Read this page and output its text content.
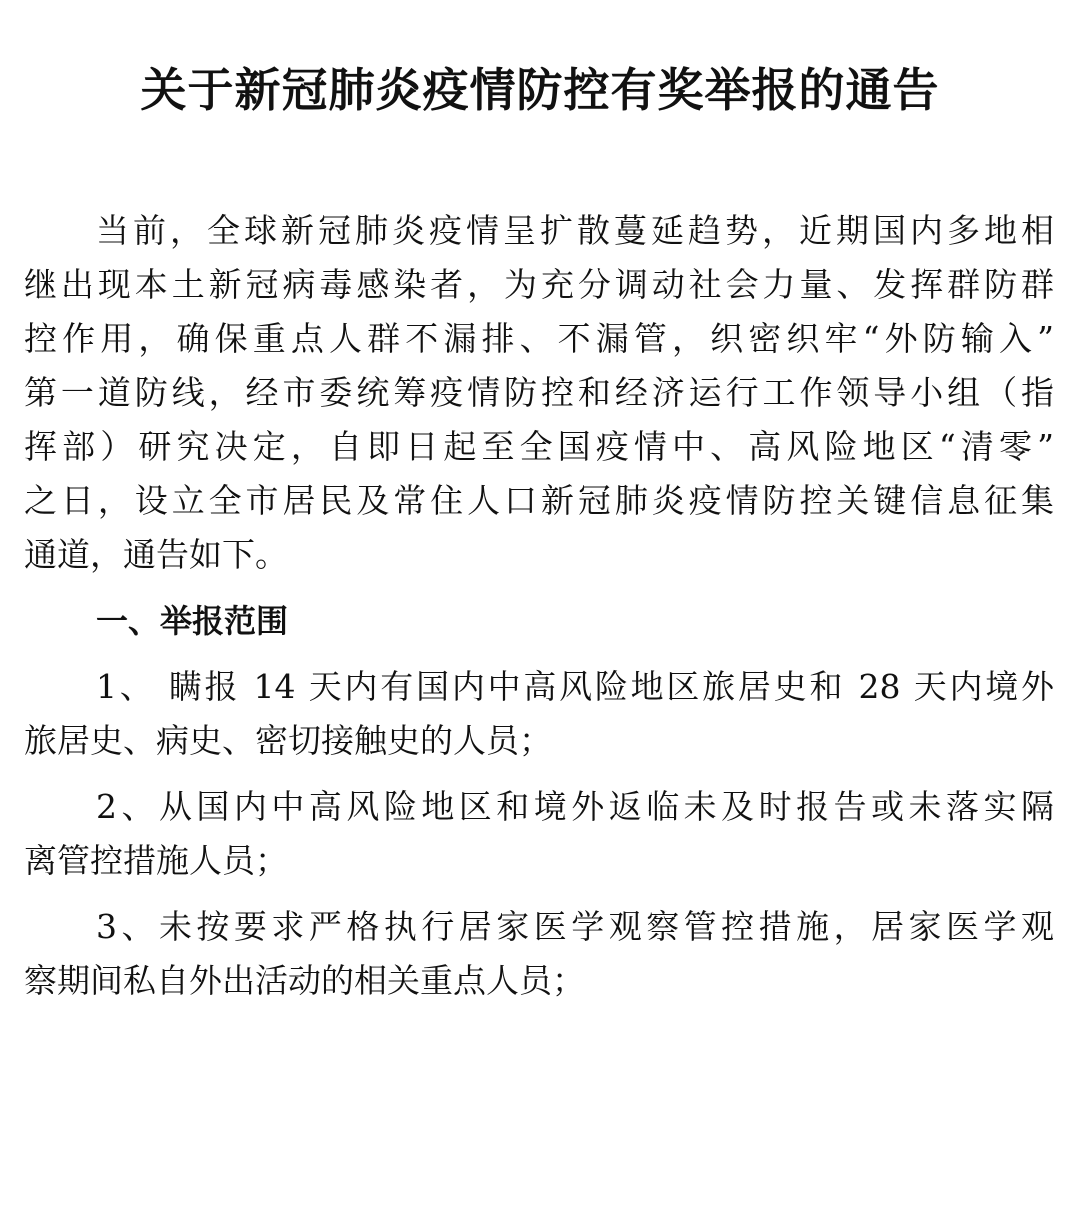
关于新冠肺炎疫情防控有奖举报的通告
当前，全球新冠肺炎疫情呈扩散蔓延趋势，近期国内多地相
继出现本土新冠病毒感染者，为充分调动社会力量、发挥群防群
控作用，确保重点人群不漏排、不漏管，织密织牢“外防输入”
第一道防线，经市委统筹疫情防控和经济运行工作领导小组（指
挥部）研究决定，自即日起至全国疫情中、高风险地区“清零”
之日，设立全市居民及常住人口新冠肺炎疫情防控关键信息征集
通道，通告如下。
一、举报范围
1、 瞒报 14 天内有国内中高风险地区旅居史和 28 天内境外
旅居史、病史、密切接触史的人员；
2、从国内中高风险地区和境外返临未及时报告或未落实隔
离管控措施人员；
3、未按要求严格执行居家医学观察管控措施，居家医学观
察期间私自外出活动的相关重点人员；
